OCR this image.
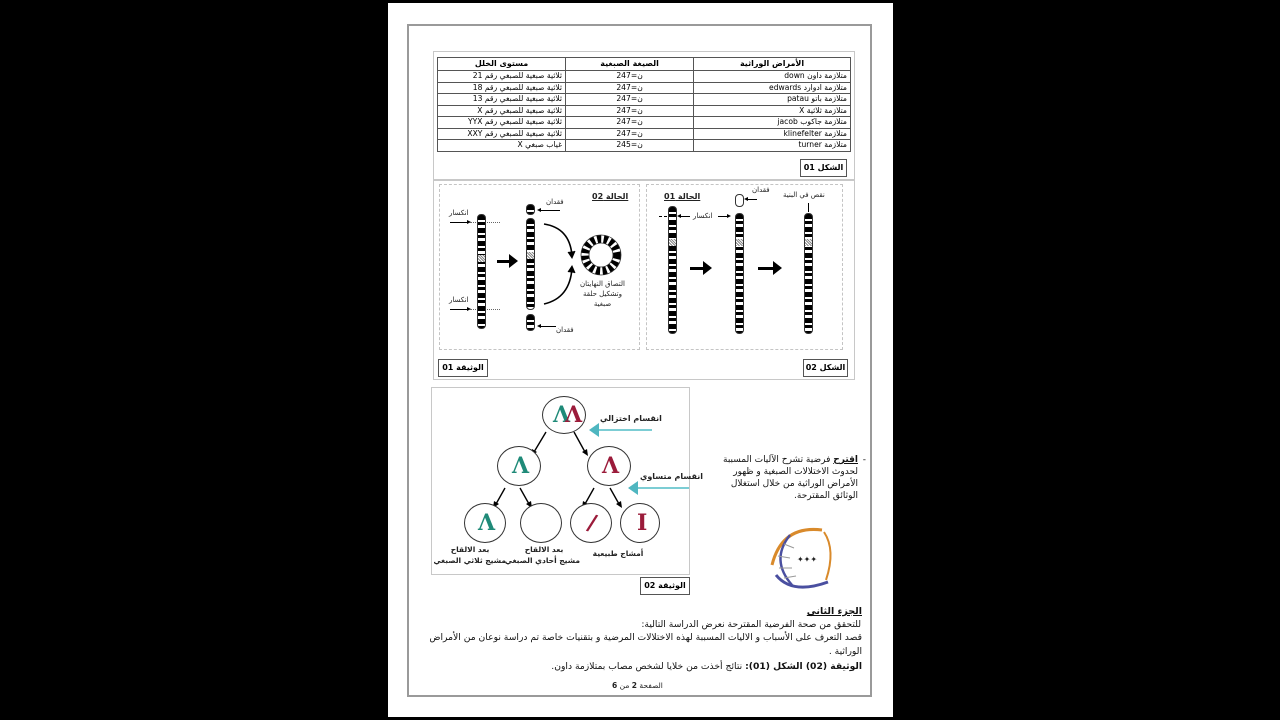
الأمراض الوراثية	الصيغة الصبغية	مستوى الخلل
متلازمة داون down	2ن=47	ثلاثية صبغية للصبغي رقم 21
متلازمة ادوارد edwards	2ن=47	ثلاثية صبغية للصبغي رقم 18
متلازمة باتو patau	2ن=47	ثلاثية صبغية للصبغي رقم 13
متلازمة ثلاثية X	2ن=47	ثلاثية صبغية للصبغي رقم X
متلازمة جاكوب jacob	2ن=47	ثلاثية صبغية للصبغي رقم YYX
متلازمة klinefelter	2ن=47	ثلاثية صبغية للصبغي رقم XXY
متلازمة turner	2ن=45	غياب صبغي X
الشكل 01
الحالة 02
انكسار
انكسار
فقدان
فقدان
التصاق النهايتان
وتشكيل حلقة
صبغية
الحالة 01
انكسار
فقدان
نقص في البنية
الوثيقة 01	الشكل 02
Λ
Λ انقسام اختزالي
Λ	Λ	انقسام متساوي
Λ	/ I
بعد الالقاح
مشيج ثلاثي الصبغي
بعد الالقاح
مشيج أحادي الصبغي
أمشاج طبيعية
الوثيقة 02
-
اقترح فرضية تشرح الآليات المسببة لحدوث الاختلالات الصبغية و ظهور الأمراض الوراثية من خلال استغلال الوثائق المقترحة.
✦✦✦
الجزء الثاني
للتحقق من صحة الفرضية المقترحة نعرض الدراسة التالية:
قصد التعرف على الأسباب و الاليات المسببة لهذه الاختلالات المرضية و بتقنيات خاصة تم دراسة نوعان من الأمراض
الوراثية .
الوثيقة (02) الشكل (01): نتائج أخذت من خلايا لشخص مصاب بمتلازمة داون.
الصفحة 2 من 6
